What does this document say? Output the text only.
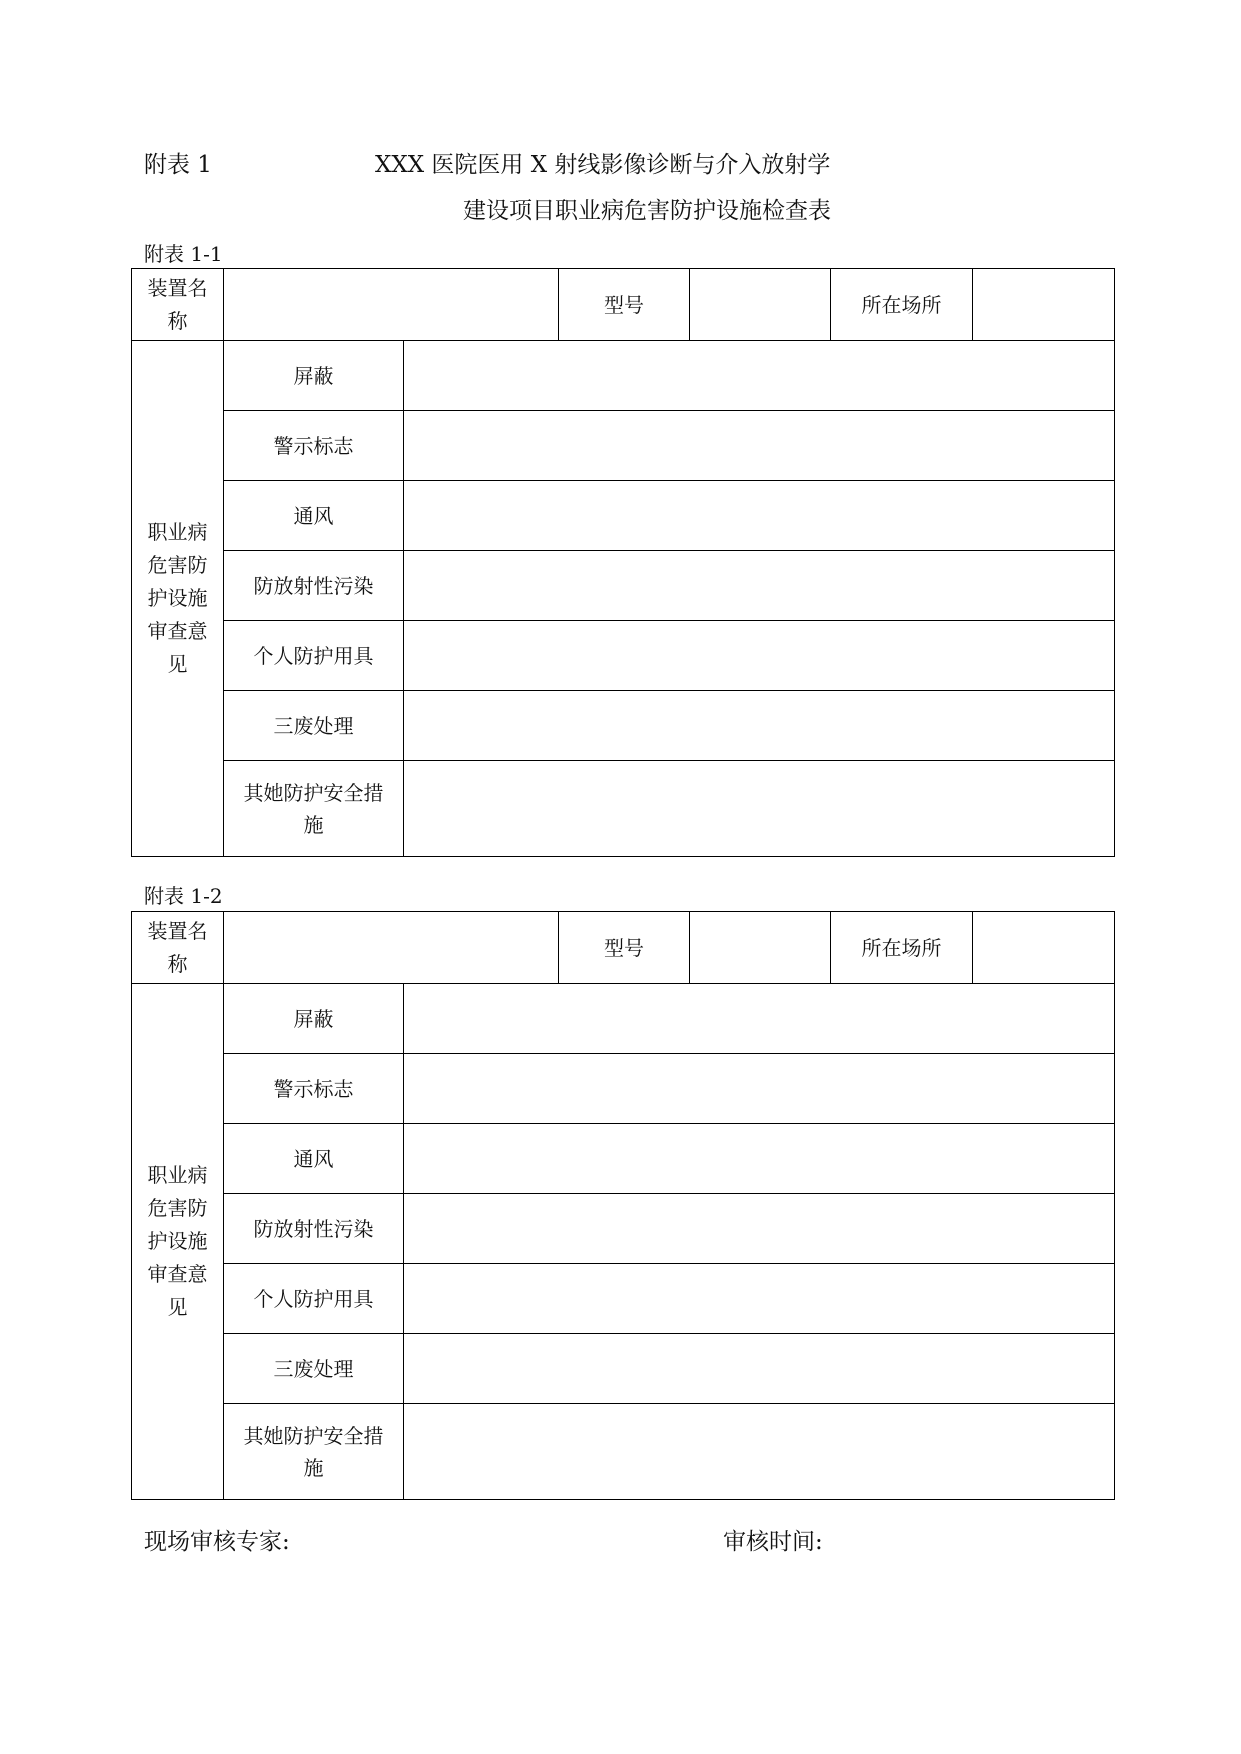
附表 1	XXX 医院医用 X 射线影像诊断与介入放射学
建设项目职业病危害防护设施检查表
附表 1-1
装置名称			型号		所在场所	

职业病危害防护设施审查意见	屏蔽					
	警示标志					
	通风					
	防放射性污染					
	个人防护用具					
	三废处理					

	其她防护安全措施					

附表 1-2
装置名称			型号		所在场所	

职业病危害防护设施审查意见	屏蔽					
	警示标志					
	通风					
	防放射性污染					
	个人防护用具					
	三废处理					

	其她防护安全措施					

现场审核专家:	审核时间:
